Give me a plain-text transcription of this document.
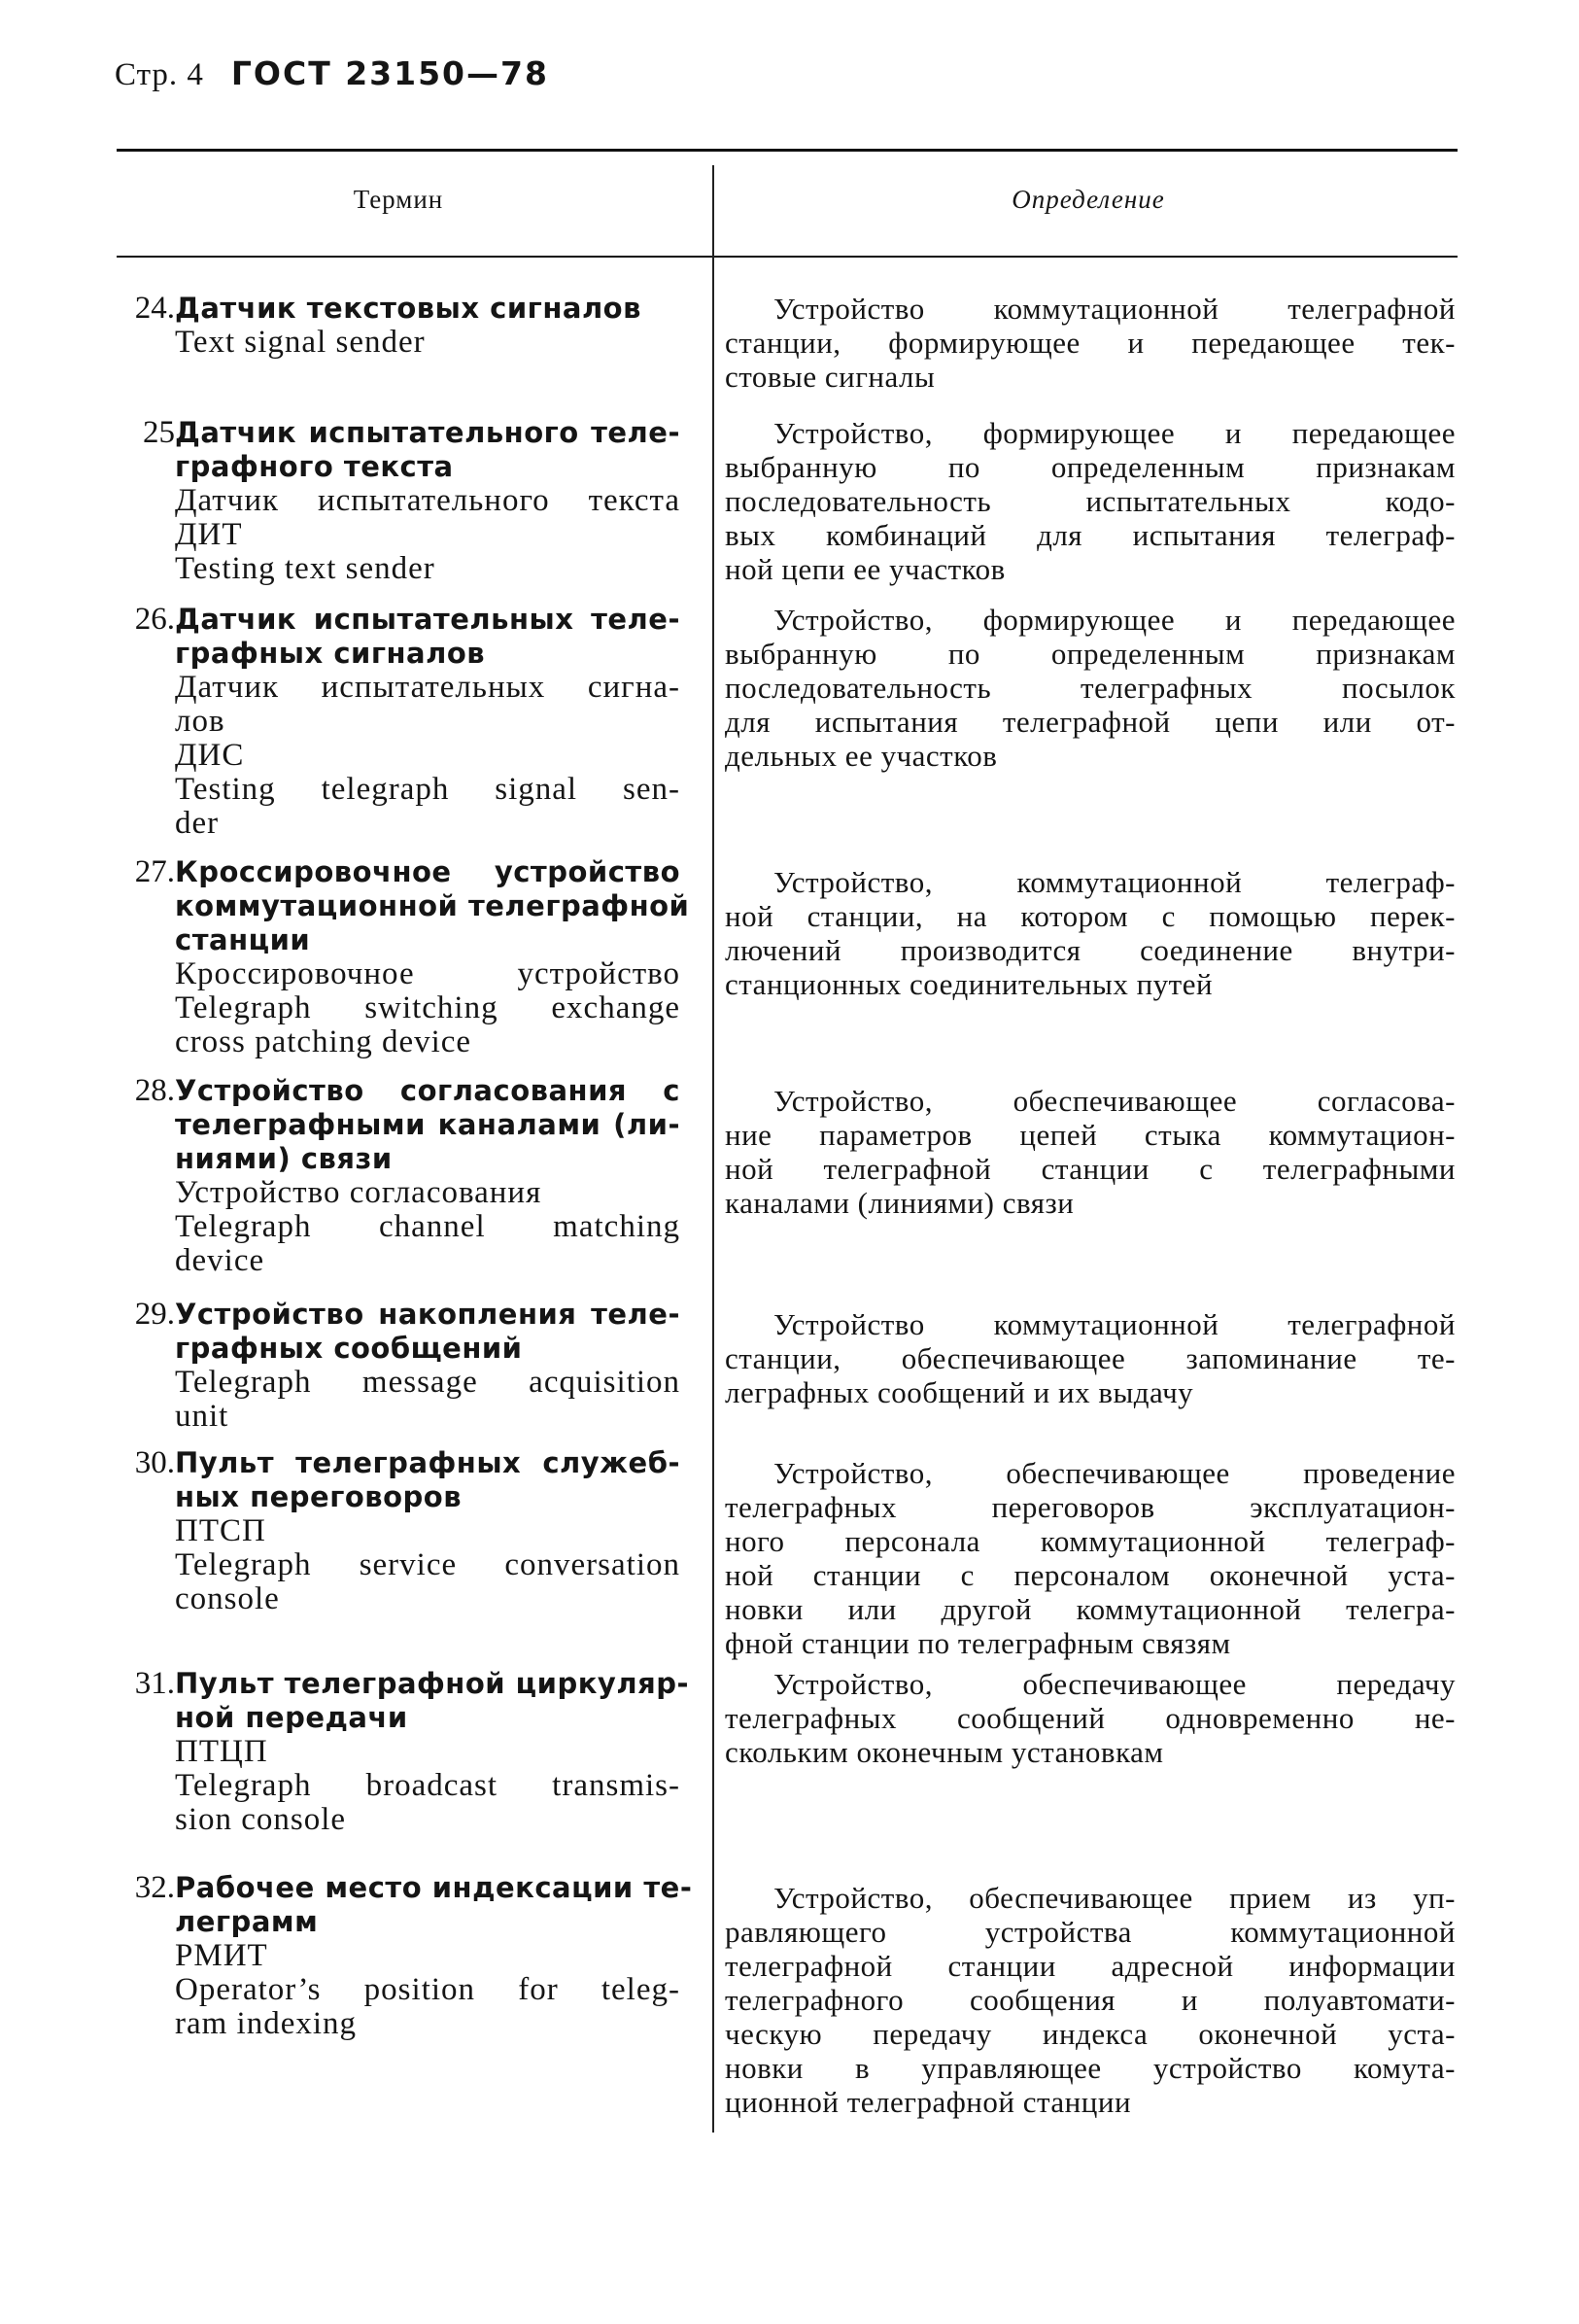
Стр. 4 ГОСТ 23150—78
Термин	Определение
24. Датчик текстовых сигналов
Text signal sender
Устройство коммутационной телеграфной
станции, формирующее и передающее тек-
стовые сигналы
25 Датчик испытательного теле-
графного текста
Датчик испытательного текста
ДИТ
Testing text sender
Устройство, формирующее и передающее
выбранную по определенным признакам
последовательность испытательных кодо-
вых комбинаций для испытания телеграф-
ной цепи ее участков
26. Датчик испытательных теле-
графных сигналов
Датчик испытательных сигна-
лов
ДИС
Testing telegraph signal sen-
der
Устройство, формирующее и передающее
выбранную по определенным признакам
последовательность телеграфных посылок
для испытания телеграфной цепи или от-
дельных ее участков
27. Кроссировочное устройство
коммутационной телеграфной
станции
Кроссировочное устройство
Telegraph switching exchange
cross patching device
Устройство, коммутационной телеграф-
ной станции, на котором с помощью перек-
лючений производится соединение внутри-
станционных соединительных путей
28. Устройство согласования с
телеграфными каналами (ли-
ниями) связи
Устройство согласования
Telegraph channel matching
device
Устройство, обеспечивающее согласова-
ние параметров цепей стыка коммутацион-
ной телеграфной станции с телеграфными
каналами (линиями) связи
29. Устройство накопления теле-
графных сообщений
Telegraph message acquisition
unit
Устройство коммутационной телеграфной
станции, обеспечивающее запоминание те-
леграфных сообщений и их выдачу
30. Пульт телеграфных служеб-
ных переговоров
ПТСП
Telegraph service conversation
console
Устройство, обеспечивающее проведение
телеграфных переговоров эксплуатацион-
ного персонала коммутационной телеграф-
ной станции с персоналом оконечной уста-
новки или другой коммутационной телегра-
фной станции по телеграфным связям
31. Пульт телеграфной циркуляр-
ной передачи
ПТЦП
Telegraph broadcast transmis-
sion console
Устройство, обеспечивающее передачу
телеграфных сообщений одновременно не-
скольким оконечным установкам
32. Рабочее место индексации те-
леграмм
РМИТ
Operator’s position for teleg-
ram indexing
Устройство, обеспечивающее прием из уп-
равляющего устройства коммутационной
телеграфной станции адресной информации
телеграфного сообщения и полуавтомати-
ческую передачу индекса оконечной уста-
новки в управляющее устройство комута-
ционной телеграфной станции
